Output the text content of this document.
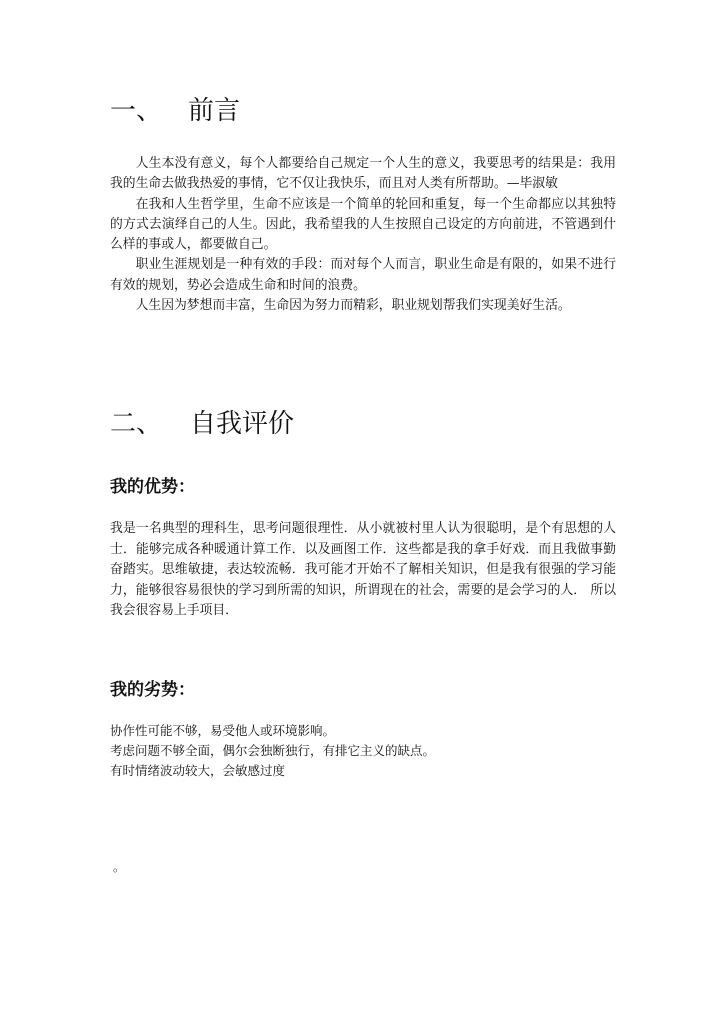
一、 前言

人生本没有意义，每个人都要给自己规定一个人生的意义，我要思考的结果是：我用我的生命去做我热爱的事情，它不仅让我快乐，而且对人类有所帮助。—毕淑敏

在我和人生哲学里，生命不应该是一个简单的轮回和重复，每一个生命都应以其独特的方式去演绎自己的人生。因此，我希望我的人生按照自己设定的方向前进，不管遇到什么样的事或人，都要做自己。

职业生涯规划是一种有效的手段：而对每个人而言，职业生命是有限的，如果不进行有效的规划，势必会造成生命和时间的浪费。

人生因为梦想而丰富，生命因为努力而精彩，职业规划帮我们实现美好生活。

二、 自我评价
我的优势：

我是一名典型的理科生，思考问题很理性．从小就被村里人认为很聪明，是个有思想的人士．能够完成各种暖通计算工作．以及画图工作．这些都是我的拿手好戏．而且我做事勤奋踏实。思维敏捷，表达较流畅．我可能才开始不了解相关知识，但是我有很强的学习能力，能够很容易很快的学习到所需的知识，所谓现在的社会，需要的是会学习的人． 所以我会很容易上手项目．

我的劣势：
协作性可能不够，易受他人或环境影响。
考虑问题不够全面，偶尔会独断独行，有排它主义的缺点。
有时情绪波动较大，会敏感过度
。
